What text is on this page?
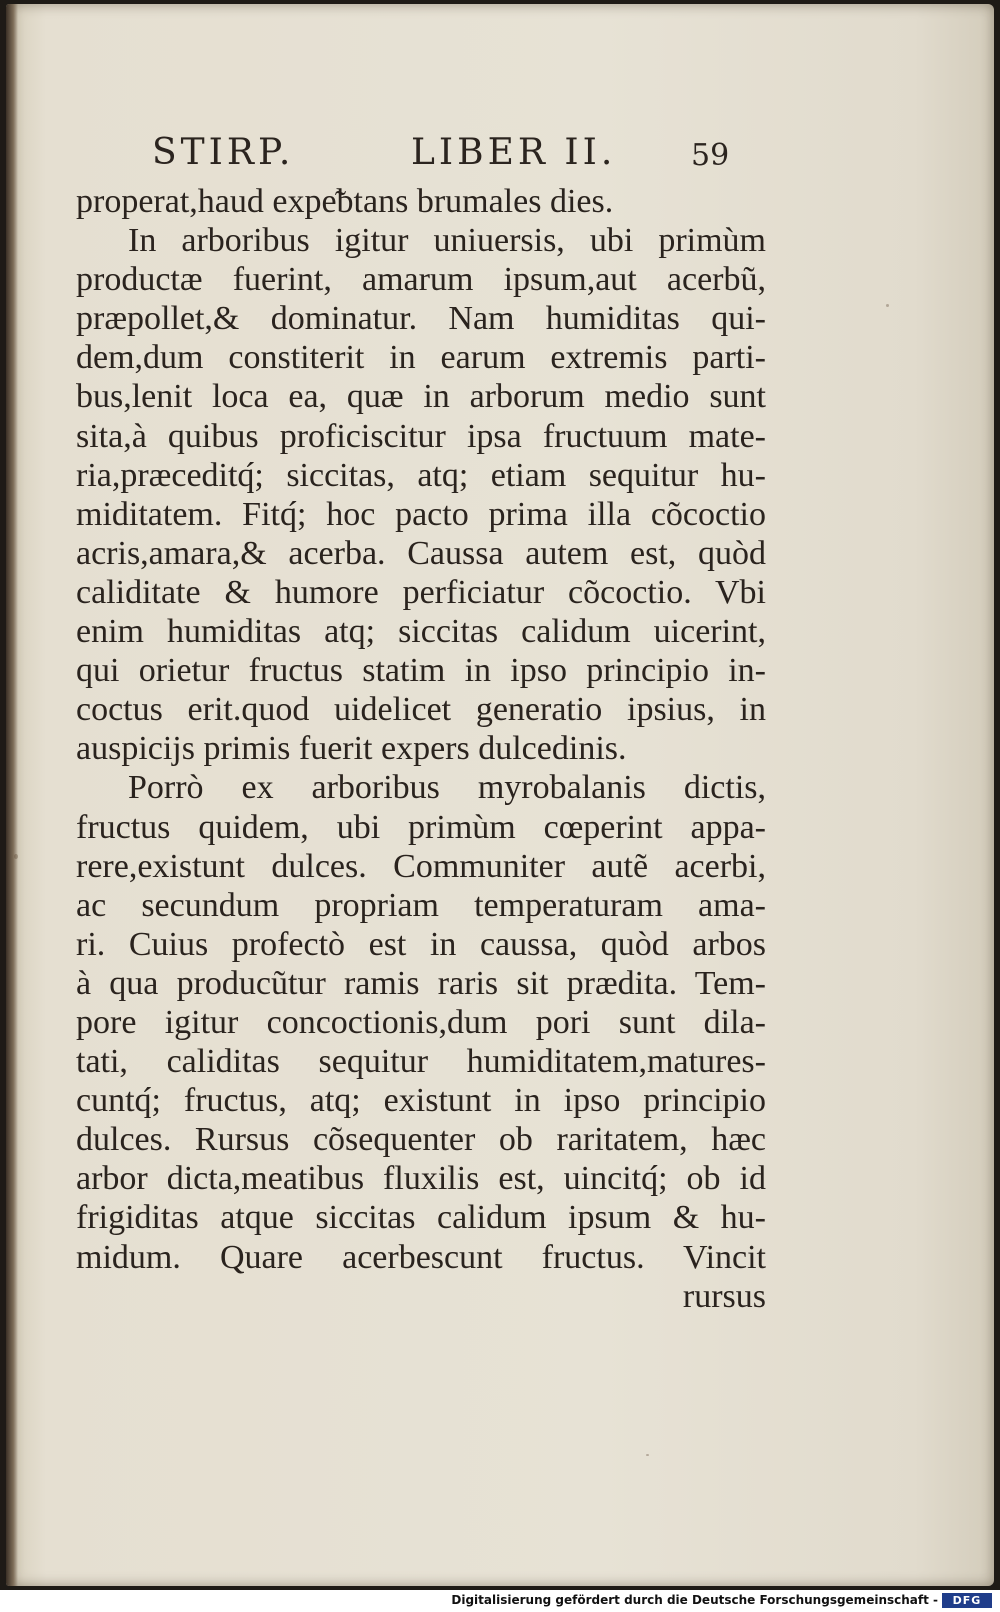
STIRP.	LIBER II. 59
properat,haud expeᵬtans brumales dies.
In arboribus igitur uniuersis, ubi primùm
productæ fuerint, amarum ipsum,aut acerbũ,
præpollet,& dominatur. Nam humiditas qui-
dem,dum constiterit in earum extremis parti-
bus,lenit loca ea, quæ in arborum medio sunt
sita,à quibus proficiscitur ipsa fructuum mate-
ria,præceditq́; siccitas, atq; etiam sequitur hu-
miditatem. Fitq́; hoc pacto prima illa cõcoctio
acris,amara,& acerba. Caussa autem est, quòd
caliditate & humore perficiatur cõcoctio. Vbi
enim humiditas atq; siccitas calidum uicerint,
qui orietur fructus statim in ipso principio in-
coctus erit.quod uidelicet generatio ipsius, in
auspicijs primis fuerit expers dulcedinis.
Porrò ex arboribus myrobalanis dictis,
fructus quidem, ubi primùm cœperint appa-
rere,existunt dulces. Communiter autẽ acerbi,
ac secundum propriam temperaturam ama-
ri. Cuius profectò est in caussa, quòd arbos
à qua producũtur ramis raris sit prædita. Tem-
pore igitur concoctionis,dum pori sunt dila-
tati, caliditas sequitur humiditatem,matures-
cuntq́; fructus, atq; existunt in ipso principio
dulces. Rursus cõsequenter ob raritatem, hæc
arbor dicta,meatibus fluxilis est, uincitq́; ob id
frigiditas atque siccitas calidum ipsum & hu-
midum. Quare acerbescunt fructus. Vincit
rursus
Digitalisierung gefördert durch die Deutsche Forschungsgemeinschaft -	DFG
